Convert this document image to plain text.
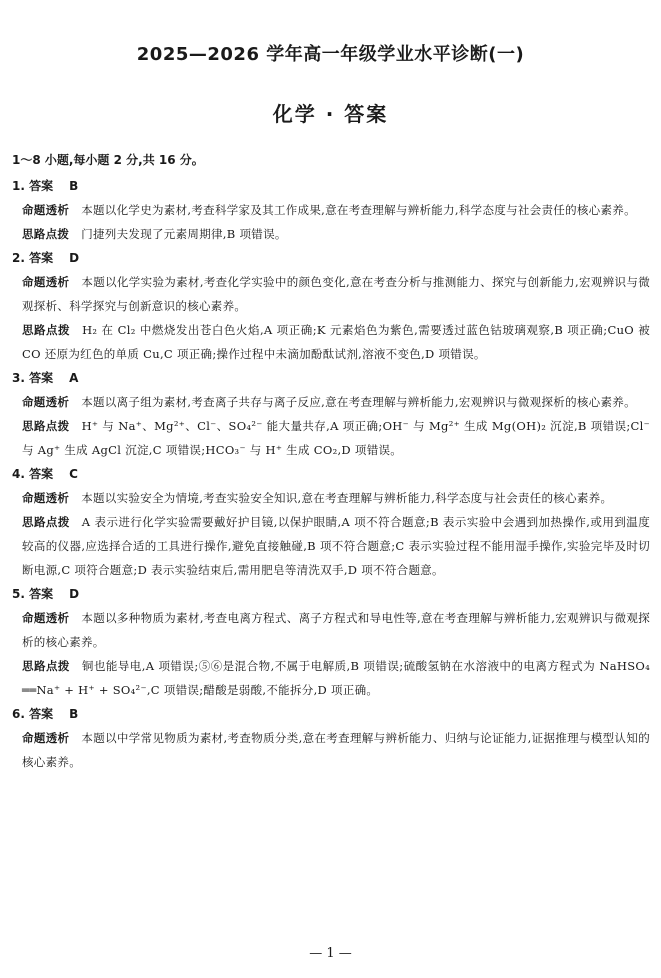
2025—2026 学年高一年级学业水平诊断(一)
化学 · 答案
1～8 小题,每小题 2 分,共 16 分。
1. 答案 B
命题透析 本题以化学史为素材,考查科学家及其工作成果,意在考查理解与辨析能力,科学态度与社会责任的核心素养。
思路点拨 门捷列夫发现了元素周期律,B 项错误。
2. 答案 D
命题透析 本题以化学实验为素材,考查化学实验中的颜色变化,意在考查分析与推测能力、探究与创新能力,宏观辨识与微观探析、科学探究与创新意识的核心素养。
思路点拨 H₂ 在 Cl₂ 中燃烧发出苍白色火焰,A 项正确;K 元素焰色为紫色,需要透过蓝色钴玻璃观察,B 项正确;CuO 被 CO 还原为红色的单质 Cu,C 项正确;操作过程中未滴加酚酞试剂,溶液不变色,D 项错误。
3. 答案 A
命题透析 本题以离子组为素材,考查离子共存与离子反应,意在考查理解与辨析能力,宏观辨识与微观探析的核心素养。
思路点拨 H⁺ 与 Na⁺、Mg²⁺、Cl⁻、SO₄²⁻ 能大量共存,A 项正确;OH⁻ 与 Mg²⁺ 生成 Mg(OH)₂ 沉淀,B 项错误;Cl⁻ 与 Ag⁺ 生成 AgCl 沉淀,C 项错误;HCO₃⁻ 与 H⁺ 生成 CO₂,D 项错误。
4. 答案 C
命题透析 本题以实验安全为情境,考查实验安全知识,意在考查理解与辨析能力,科学态度与社会责任的核心素养。
思路点拨 A 表示进行化学实验需要戴好护目镜,以保护眼睛,A 项不符合题意;B 表示实验中会遇到加热操作,或用到温度较高的仪器,应选择合适的工具进行操作,避免直接触碰,B 项不符合题意;C 表示实验过程不能用湿手操作,实验完毕及时切断电源,C 项符合题意;D 表示实验结束后,需用肥皂等清洗双手,D 项不符合题意。
5. 答案 D
命题透析 本题以多种物质为素材,考查电离方程式、离子方程式和导电性等,意在考查理解与辨析能力,宏观辨识与微观探析的核心素养。
思路点拨 铜也能导电,A 项错误;⑤⑥是混合物,不属于电解质,B 项错误;硫酸氢钠在水溶液中的电离方程式为 NaHSO₄ ══Na⁺ + H⁺ + SO₄²⁻,C 项错误;醋酸是弱酸,不能拆分,D 项正确。
6. 答案 B
命题透析 本题以中学常见物质为素材,考查物质分类,意在考查理解与辨析能力、归纳与论证能力,证据推理与模型认知的核心素养。
— 1 —
